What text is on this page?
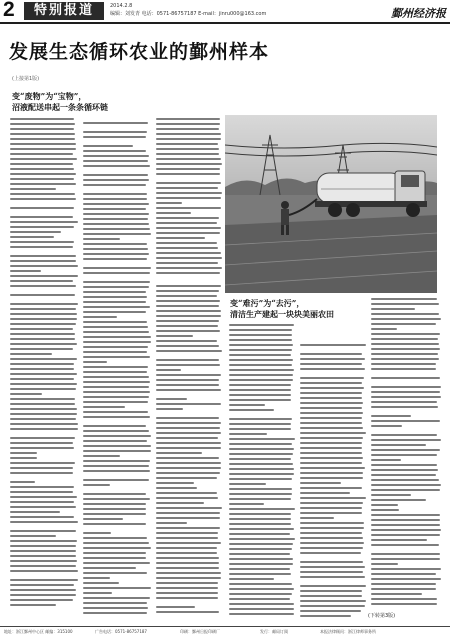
2	特别报道	2014.2.8
编辑：刘发青 电话：0571-86757187 E-mail：jinru000@163.com	鄞州经济报
发展生态循环农业的鄞州样本
(上接第1版)
变“废物”为“宝物”，
沼液配送串起一条条循环链
变“难污”为“去污”，
清洁生产建起一块块美丽农田
(下转第3版)
地址：浙江鄞州中心区 邮编：315100	广告电话：0571-86757187	印刷：鄞州日报印刷厂	发行：邮局订阅	本报法律顾问：浙江律师事务所
